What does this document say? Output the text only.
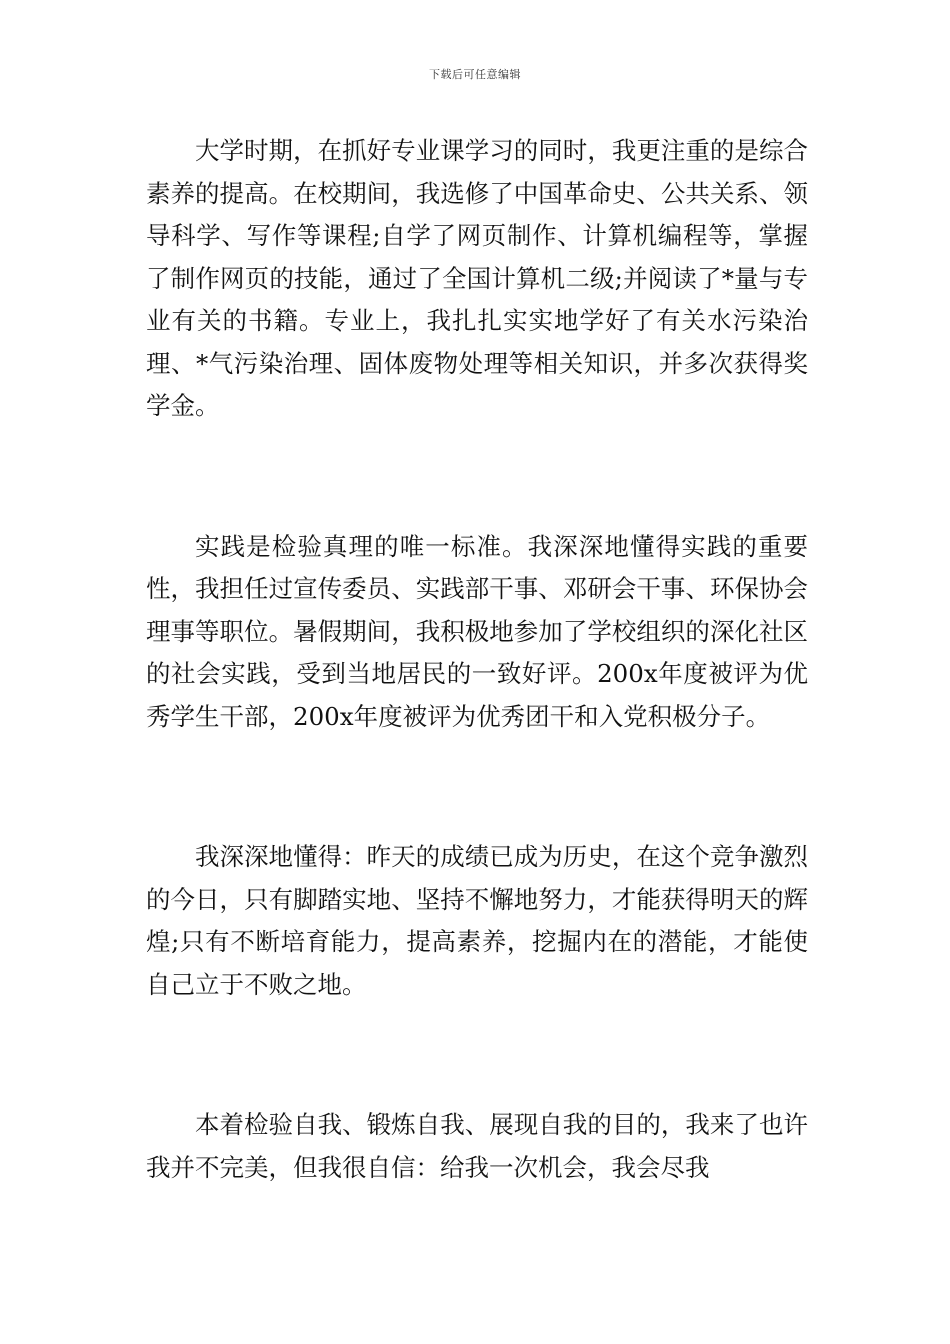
下载后可任意编辑

大学时期，在抓好专业课学习的同时，我更注重的是综合素养的提高。在校期间，我选修了中国革命史、公共关系、领导科学、写作等课程;自学了网页制作、计算机编程等，掌握了制作网页的技能，通过了全国计算机二级;并阅读了*量与专业有关的书籍。专业上，我扎扎实实地学好了有关水污染治理、*气污染治理、固体废物处理等相关知识，并多次获得奖学金。

实践是检验真理的唯一标准。我深深地懂得实践的重要性，我担任过宣传委员、实践部干事、邓研会干事、环保协会理事等职位。暑假期间，我积极地参加了学校组织的深化社区的社会实践，受到当地居民的一致好评。200x年度被评为优秀学生干部，200x年度被评为优秀团干和入党积极分子。

我深深地懂得：昨天的成绩已成为历史，在这个竞争激烈的今日，只有脚踏实地、坚持不懈地努力，才能获得明天的辉煌;只有不断培育能力，提高素养，挖掘内在的潜能，才能使自己立于不败之地。

本着检验自我、锻炼自我、展现自我的目的，我来了也许我并不完美，但我很自信：给我一次机会，我会尽我
